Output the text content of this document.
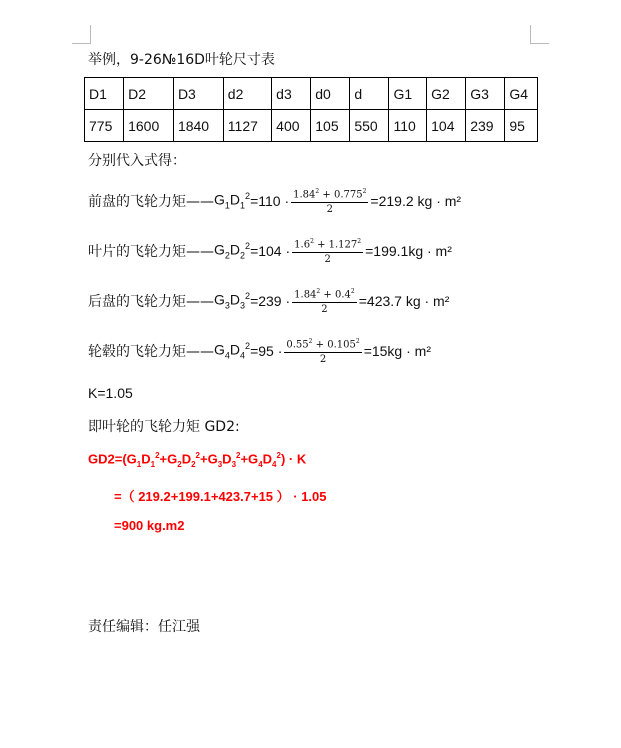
举例，9-26№16D叶轮尺寸表
D1	D2	D3	d2	d3	d0	d	G1	G2	G3	G4
775	1600	1840	1127	400	105	550	110	104	239	95
分别代入式得：
前盘的飞轮力矩—— $G_1D_1^2 =110 \cdot \frac{1.84^2 + 0.775^2}{2} =219.2$ kg · m²
叶片的飞轮力矩—— $G_2D_2^2 =104 \cdot \frac{1.6^2 + 1.127^2}{2} =199.1kg \cdot m^2$
后盘的飞轮力矩—— $G_3D_3^2 =239 \cdot \frac{1.84^2 + 0.4^2}{2} =423.7$ kg · m²
轮毂的飞轮力矩—— $G_4D_4^2 =95 \cdot \frac{0.55^2 + 0.105^2}{2} =15kg \cdot m^2$
K=1.05
即叶轮的飞轮力矩 GD2:
$GD2=(G_1D_1^2+G_2D_2^2+G_3D_3^2+G_4D_4^2) \cdot K$
=（ 219.2+199.1+423.7+15 ） · 1.05
=900 kg.m2
责任编辑：任江强
